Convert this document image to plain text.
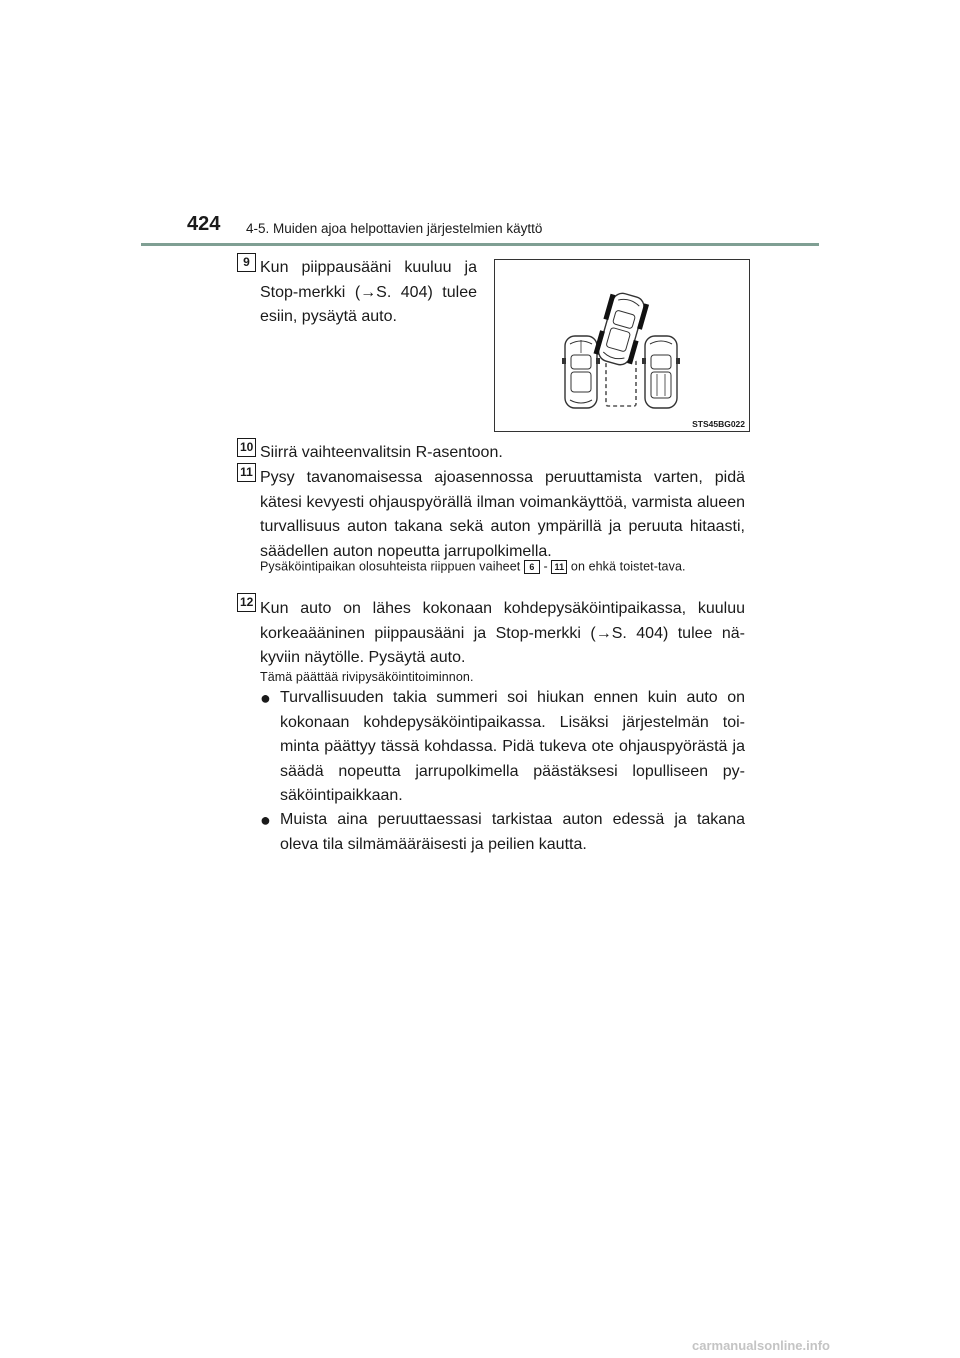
424 4-5. Muiden ajoa helpottavien järjestelmien käyttö
9 Kun piippausääni kuuluu ja Stop-merkki (→S. 404) tulee esiin, pysäytä auto.
STS45BG022
10 Siirrä vaihteenvalitsin R-asentoon.
11 Pysy tavanomaisessa ajoasennossa peruuttamista varten, pidä kätesi kevyesti ohjauspyörällä ilman voimankäyttöä, varmista alueen turvallisuus auton takana sekä auton ympärillä ja peruuta hitaasti, säädellen auton nopeutta jarrupolkimella.
Pysäköintipaikan olosuhteista riippuen vaiheet 6 - 11 on ehkä toistet-tava.
12 Kun auto on lähes kokonaan kohdepysäköintipaikassa, kuuluu korkeaääninen piippausääni ja Stop-merkki (→S. 404) tulee nä-kyviin näytölle. Pysäytä auto.
Tämä päättää rivipysäköintitoiminnon.
● Turvallisuuden takia summeri soi hiukan ennen kuin auto on kokonaan kohdepysäköintipaikassa. Lisäksi järjestelmän toi-minta päättyy tässä kohdassa. Pidä tukeva ote ohjauspyörästä ja säädä nopeutta jarrupolkimella päästäksesi lopulliseen py-säköintipaikkaan.
● Muista aina peruuttaessasi tarkistaa auton edessä ja takana oleva tila silmämääräisesti ja peilien kautta.
carmanualsonline.info
